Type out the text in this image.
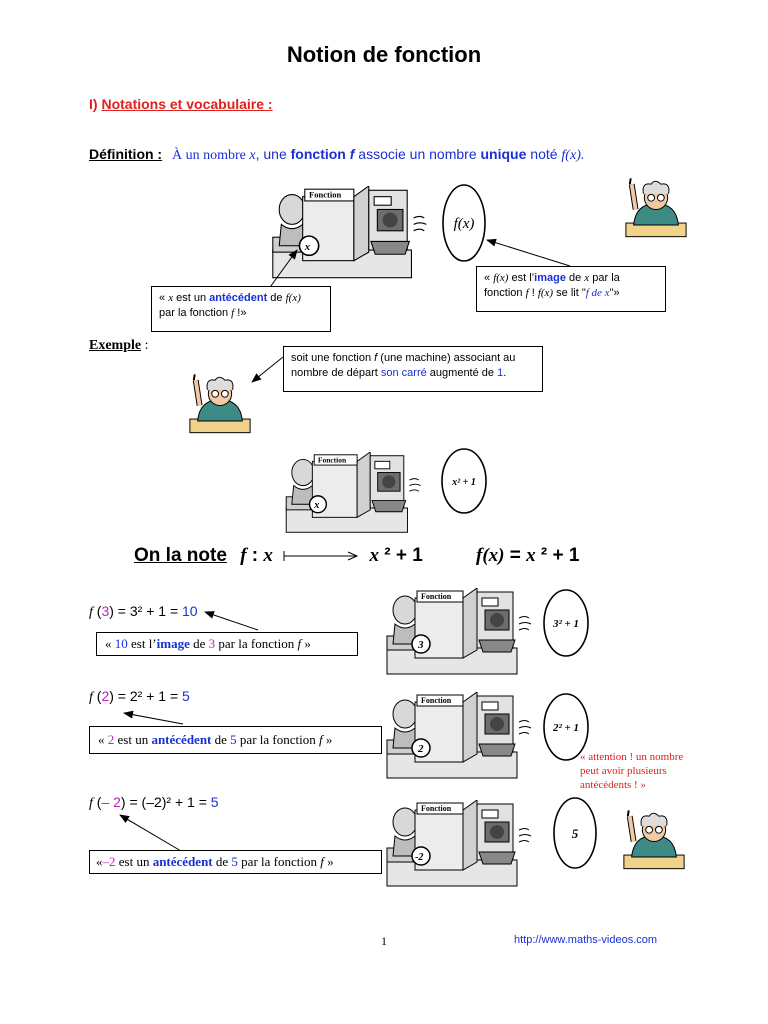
Notion de fonction
I) Notations et vocabulaire :
Définition : À un nombre x, une fonction f associe un nombre unique noté f(x).
Fonction
x
f(x)
« x est un antécédent de f(x)
par la fonction f !»
« f(x) est l’image de x par la
fonction f ! f(x) se lit "f de x"»
Exemple :
soit une fonction f (une machine) associant au
nombre de départ son carré augmenté de 1.
Fonction
x
x² + 1
On la note f : x	x ² + 1	f(x) = x ² + 1
f (3) = 3² + 1 = 10
« 10 est l’image de 3 par la fonction f »
Fonction
3
3² + 1
f (2) = 2² + 1 = 5
« 2 est un antécédent de 5 par la fonction f »
Fonction
2
2² + 1
« attention ! un nombre
peut avoir plusieurs
antécédents ! »
f (– 2) = (–2)² + 1 = 5
«–2 est un antécédent de 5 par la fonction f »
Fonction
-2
5
1	http://www.maths-videos.com
